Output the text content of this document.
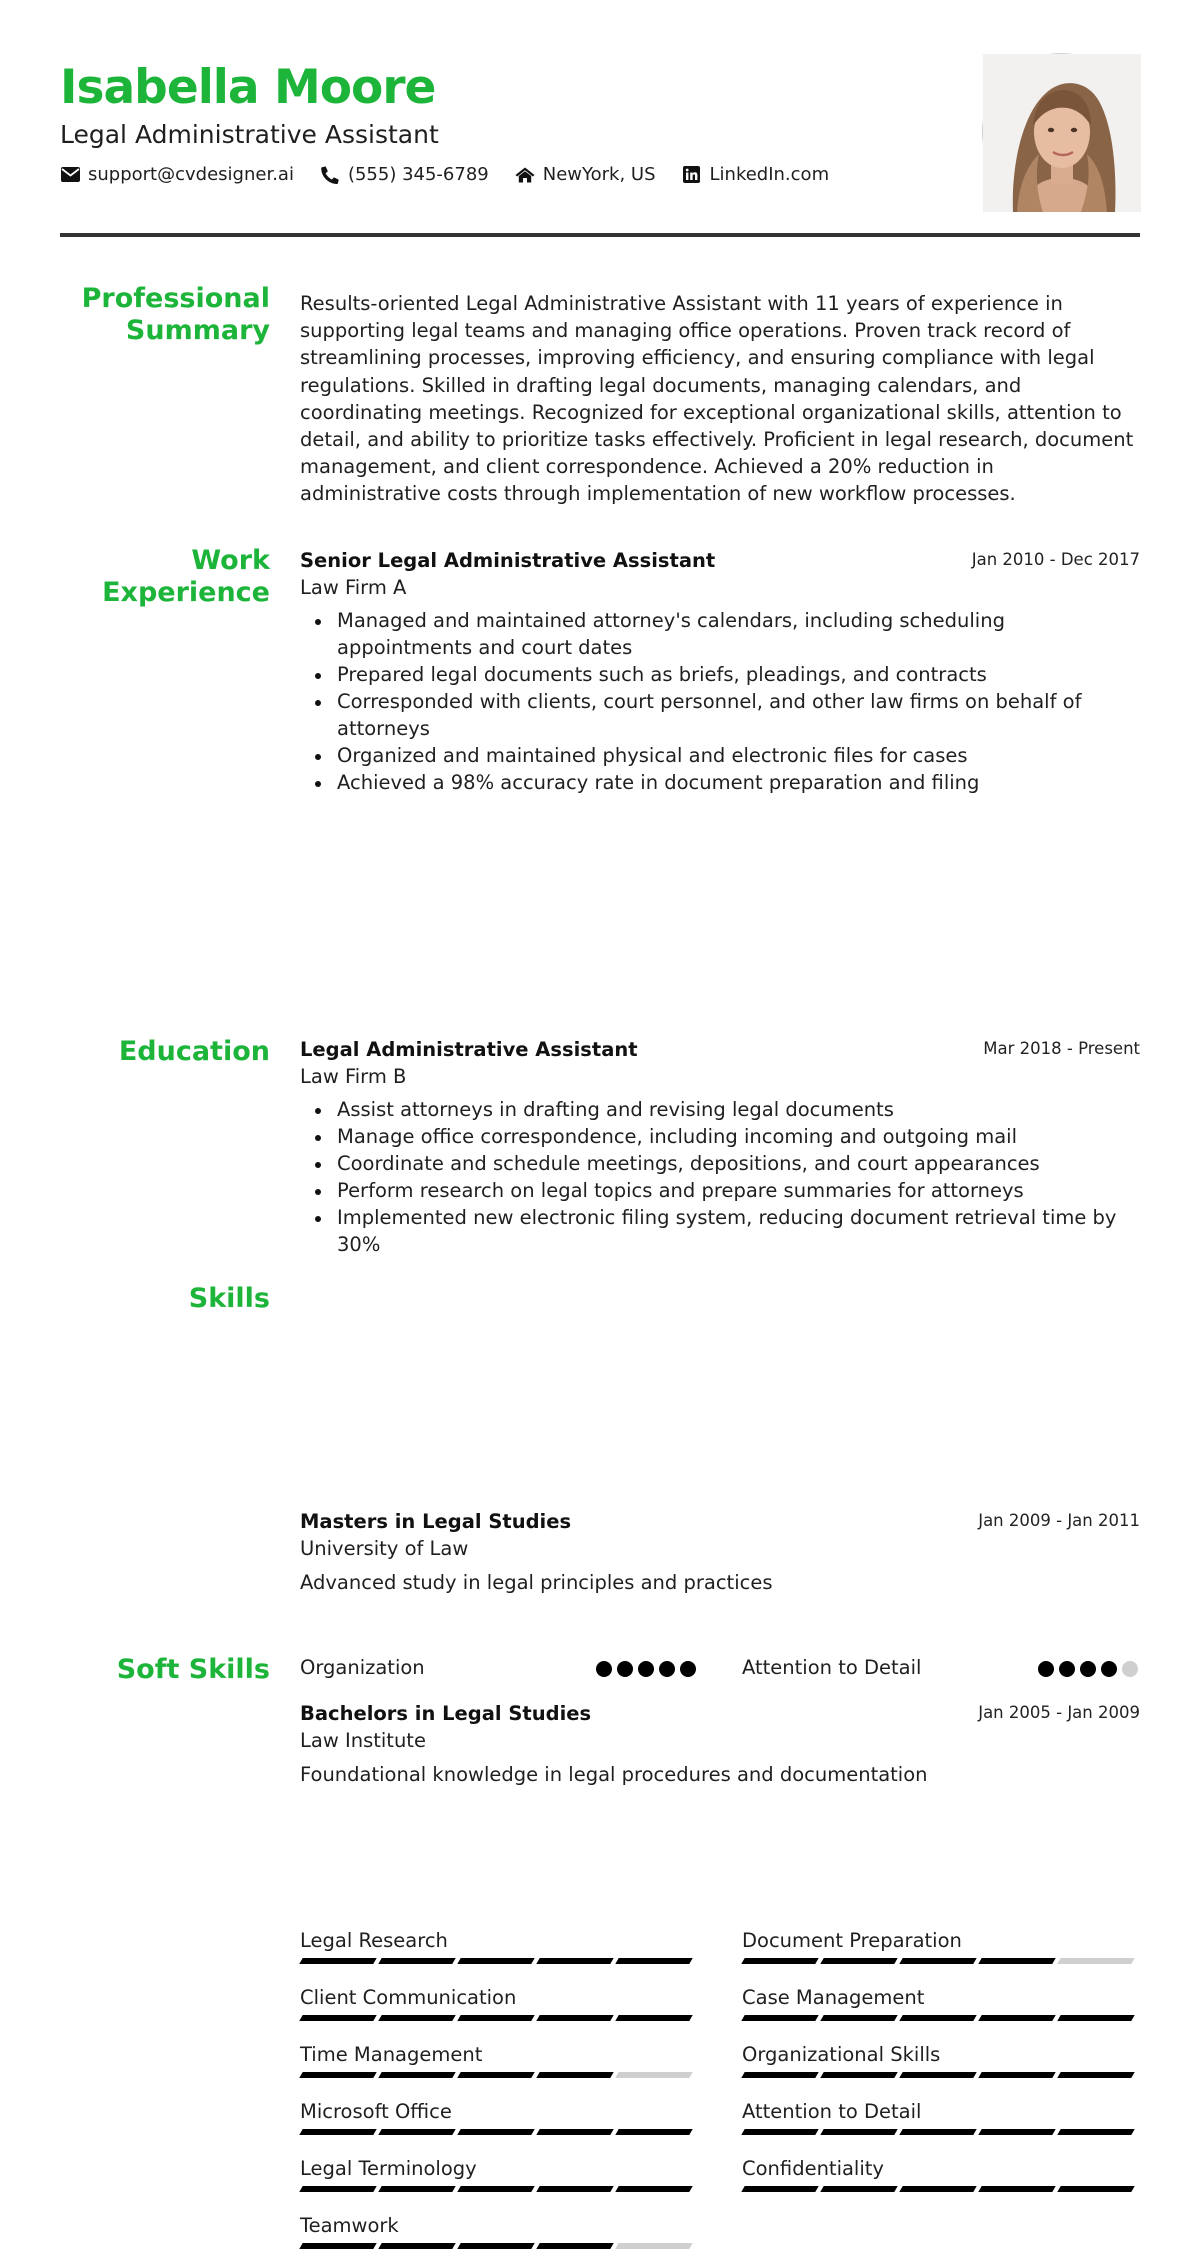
Isabella Moore
Legal Administrative Assistant
support@cvdesigner.ai	(555) 345-6789	NewYork, US	LinkedIn.com
Professional
Summary
Results-oriented Legal Administrative Assistant with 11 years of experience in supporting legal teams and managing office operations. Proven track record of streamlining processes, improving efficiency, and ensuring compliance with legal regulations. Skilled in drafting legal documents, managing calendars, and coordinating meetings. Recognized for exceptional organizational skills, attention to detail, and ability to prioritize tasks effectively. Proficient in legal research, document management, and client correspondence. Achieved a 20% reduction in administrative costs through implementation of new workflow processes.
Work
Experience
Senior Legal Administrative Assistant	Jan 2010 - Dec 2017
Law Firm A
Managed and maintained attorney's calendars, including scheduling appointments and court dates
Prepared legal documents such as briefs, pleadings, and contracts
Corresponded with clients, court personnel, and other law firms on behalf of attorneys
Organized and maintained physical and electronic files for cases
Achieved a 98% accuracy rate in document preparation and filing
Legal Administrative Assistant	Mar 2018 - Present
Law Firm B
Assist attorneys in drafting and revising legal documents
Manage office correspondence, including incoming and outgoing mail
Coordinate and schedule meetings, depositions, and court appearances
Perform research on legal topics and prepare summaries for attorneys
Implemented new electronic filing system, reducing document retrieval time by 30%
Education
Masters in Legal Studies	Jan 2009 - Jan 2011
University of Law
Advanced study in legal principles and practices
Bachelors in Legal Studies	Jan 2005 - Jan 2009
Law Institute
Foundational knowledge in legal procedures and documentation
Skills
Legal Research	Document Preparation
Client Communication	Case Management
Time Management	Organizational Skills
Microsoft Office	Attention to Detail
Legal Terminology	Confidentiality
Teamwork
Soft Skills Organization	Attention to Detail
